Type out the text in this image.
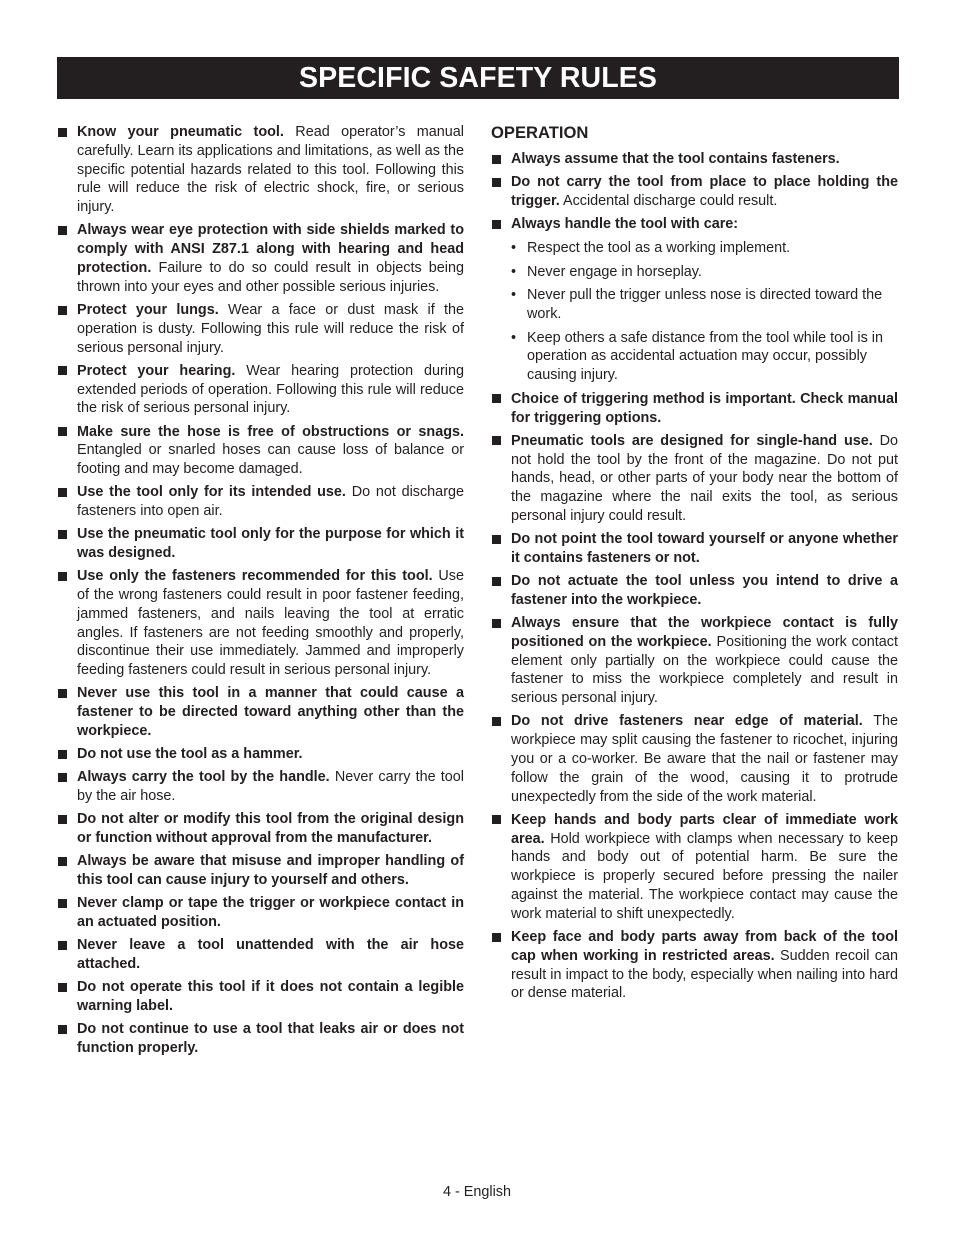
SPECIFIC SAFETY RULES
Know your pneumatic tool. Read operator’s manual carefully. Learn its applications and limitations, as well as the specific potential hazards related to this tool. Following this rule will reduce the risk of electric shock, fire, or serious injury.
Always wear eye protection with side shields marked to comply with ANSI Z87.1 along with hearing and head protection. Failure to do so could result in objects being thrown into your eyes and other possible serious injuries.
Protect your lungs. Wear a face or dust mask if the operation is dusty. Following this rule will reduce the risk of serious personal injury.
Protect your hearing. Wear hearing protection during extended periods of operation. Following this rule will reduce the risk of serious personal injury.
Make sure the hose is free of obstructions or snags. Entangled or snarled hoses can cause loss of balance or footing and may become damaged.
Use the tool only for its intended use. Do not discharge fasteners into open air.
Use the pneumatic tool only for the purpose for which it was designed.
Use only the fasteners recommended for this tool. Use of the wrong fasteners could result in poor fastener feeding, jammed fasteners, and nails leaving the tool at erratic angles. If fasteners are not feeding smoothly and properly, discontinue their use immediately. Jammed and improperly feeding fasteners could result in serious personal injury.
Never use this tool in a manner that could cause a fastener to be directed toward anything other than the workpiece.
Do not use the tool as a hammer.
Always carry the tool by the handle. Never carry the tool by the air hose.
Do not alter or modify this tool from the original design or function without approval from the manufacturer.
Always be aware that misuse and improper handling of this tool can cause injury to yourself and others.
Never clamp or tape the trigger or workpiece contact in an actuated position.
Never leave a tool unattended with the air hose attached.
Do not operate this tool if it does not contain a legible warning label.
Do not continue to use a tool that leaks air or does not function properly.
OPERATION
Always assume that the tool contains fasteners.
Do not carry the tool from place to place holding the trigger. Accidental discharge could result.
Always handle the tool with care:
• Respect the tool as a working implement.
• Never engage in horseplay.
• Never pull the trigger unless nose is directed toward the work.
• Keep others a safe distance from the tool while tool is in operation as accidental actuation may occur, possibly causing injury.
Choice of triggering method is important. Check manual for triggering options.
Pneumatic tools are designed for single-hand use. Do not hold the tool by the front of the magazine. Do not put hands, head, or other parts of your body near the bottom of the magazine where the nail exits the tool, as serious personal injury could result.
Do not point the tool toward yourself or anyone whether it contains fasteners or not.
Do not actuate the tool unless you intend to drive a fastener into the workpiece.
Always ensure that the workpiece contact is fully positioned on the workpiece. Positioning the work contact element only partially on the workpiece could cause the fastener to miss the workpiece completely and result in serious personal injury.
Do not drive fasteners near edge of material. The workpiece may split causing the fastener to ricochet, injuring you or a co-worker. Be aware that the nail or fastener may follow the grain of the wood, causing it to protrude unexpectedly from the side of the work material.
Keep hands and body parts clear of immediate work area. Hold workpiece with clamps when necessary to keep hands and body out of potential harm. Be sure the workpiece is properly secured before pressing the nailer against the material. The workpiece contact may cause the work material to shift unexpectedly.
Keep face and body parts away from back of the tool cap when working in restricted areas. Sudden recoil can result in impact to the body, especially when nailing into hard or dense material.
4 - English
